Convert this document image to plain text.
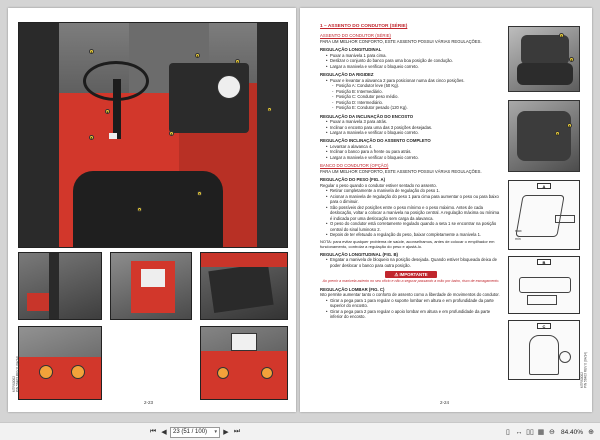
1
2
3
4
5
6
7
8
9
2-23
MTRS0002
P/N 56403 REV 0 (04/14)
1 – ASSENTO DO CONDUTOR (SÉRIE)
ASSENTO DO CONDUTOR (SÉRIE)
PARA UM MELHOR CONFORTO, ESTE ASSENTO POSSUI VÁRIAS REGULAÇÕES.
REGULAÇÃO LONGITUDINAL
• Puxar a manivela 1 para cima.
• Deslizar o conjunto do banco para uma boa posição de condução.
• Largar a manivela e verificar o bloqueio correto.
REGULAÇÃO DA RIGIDEZ
• Puxar e levantar a alavanca 2 para posicionar numa das cinco posições.
- Posição A: Condutor leve (50 Kg).
- Posição B: Intermediário.
- Posição C: Condutor peso médio.
- Posição D: Intermediário.
- Posição E: Condutor pesado (120 Kg).
REGULAÇÃO DA INCLINAÇÃO DO ENCOSTO
• Puxar a manivela 3 para atrás.
• Inclinar o encosto para uma das 3 posições desejadas.
• Largar a manivela e verificar o bloqueio correto.
REGULAÇÃO INCLINAÇÃO DO ASSENTO COMPLETO
• Levantar a alavanca 4.
• Inclinar o banco para a frente ou para atrás.
• Largar a manivela e verificar o bloqueio correto.
BANCO DO CONDUTOR (OPÇÃO)
PARA UM MELHOR CONFORTO, ESTE ASSENTO POSSUI VÁRIAS REGULAÇÕES.
REGULAÇÃO DO PESO (FIG. A)
Regular o peso quando o condutor estiver sentado no assento.
• Retirar completamente a manivela de regulação do peso 1.
• Acionar a manivela de regulação do peso 1 para cima para aumentar o peso ou para baixo para o diminuir.
• São possíveis dez posições entre o peso mínimo e o peso máximo. Antes de cada deslocação, voltar a colocar a manivela na posição central. A regulação máxima ou mínima é indicada por uma deslocação sem carga da alavanca.
• O peso do condutor está corretamente regulado quando a seta 1 se encontrar na posição central do sinal luminoso 2.
• Depois de ter efetuado a regulação do peso, baixar completamente a manivela 1.
NOTA: para evitar qualquer problema de saúde, aconselhamos, antes de colocar o empilhador em funcionamento, controlar a regulação do peso e ajustá-lo.
REGULAÇÃO LONGITUDINAL (FIG. B)
• Engatar a manivela de bloqueio na posição desejada. Quando estiver bloqueada deixa de poder deslocar o banco para outra posição.
⚠ IMPORTANTE
Ao premir a manivela asiento no seu ofício e não a segurar passando a mão por baixo, risco de esmagamento.
REGULAÇÃO LOMBAR (FIG. C)
Isto permite aumentar tanto o conforto de assento como a liberdade de movimentos do condutor.
• Girar a pega para 1 para regular o suporte lombar em altura e em profundidade da parte superior do encosto.
• Girar a pega para 2 para regular o apoio lombar em altura e em profundidade da parte inferior do encosto.
1
2
3
4
A
max
min
B
C
2-24
MTRS0002
P/N 56403 REV 0 (04/14)
⏮ ◀ 23 (51 / 100) ▼ ▶ ⏭	▯ ↔ ▯▯ ▦ ⊖ 84.40% ⊕
